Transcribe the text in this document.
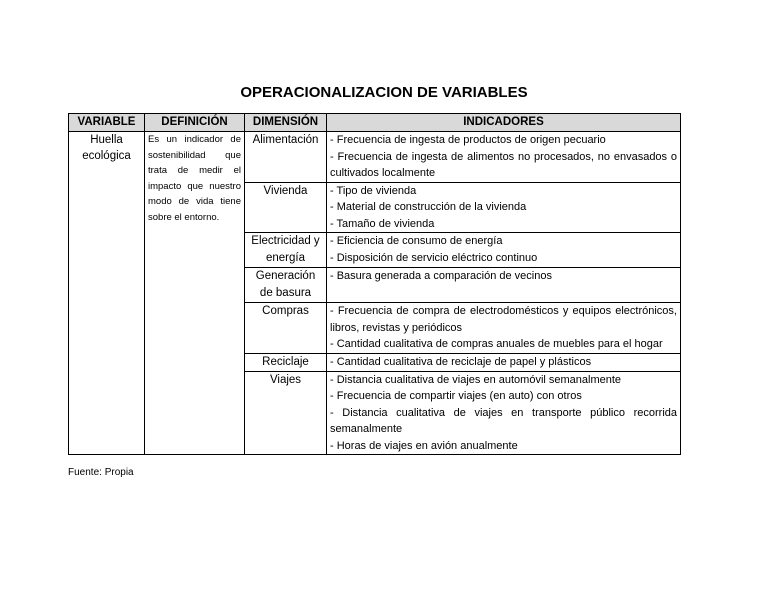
OPERACIONALIZACION DE VARIABLES
VARIABLE	DEFINICIÓN	DIMENSIÓN	INDICADORES
Huella ecológica	Es un indicador de sostenibilidad que trata de medir el impacto que nuestro modo de vida tiene sobre el entorno.	Alimentación	- Frecuencia de ingesta de productos de origen pecuario
- Frecuencia de ingesta de alimentos no procesados, no envasados o cultivados localmente

		Vivienda	- Tipo de vivienda
- Material de construcción de la vivienda
- Tamaño de vivienda

		Electricidad y energía	- Eficiencia de consumo de energía
- Disposición de servicio eléctrico continuo

		Generación de basura	- Basura generada a comparación de vecinos

		Compras	- Frecuencia de compra de electrodomésticos y equipos electrónicos, libros, revistas y periódicos
- Cantidad cualitativa de compras anuales de muebles para el hogar

		Reciclaje	- Cantidad cualitativa de reciclaje de papel y plásticos

		Viajes	- Distancia cualitativa de viajes en automóvil semanalmente
- Frecuencia de compartir viajes (en auto) con otros
- Distancia cualitativa de viajes en transporte público recorrida semanalmente
- Horas de viajes en avión anualmente
Fuente: Propia
